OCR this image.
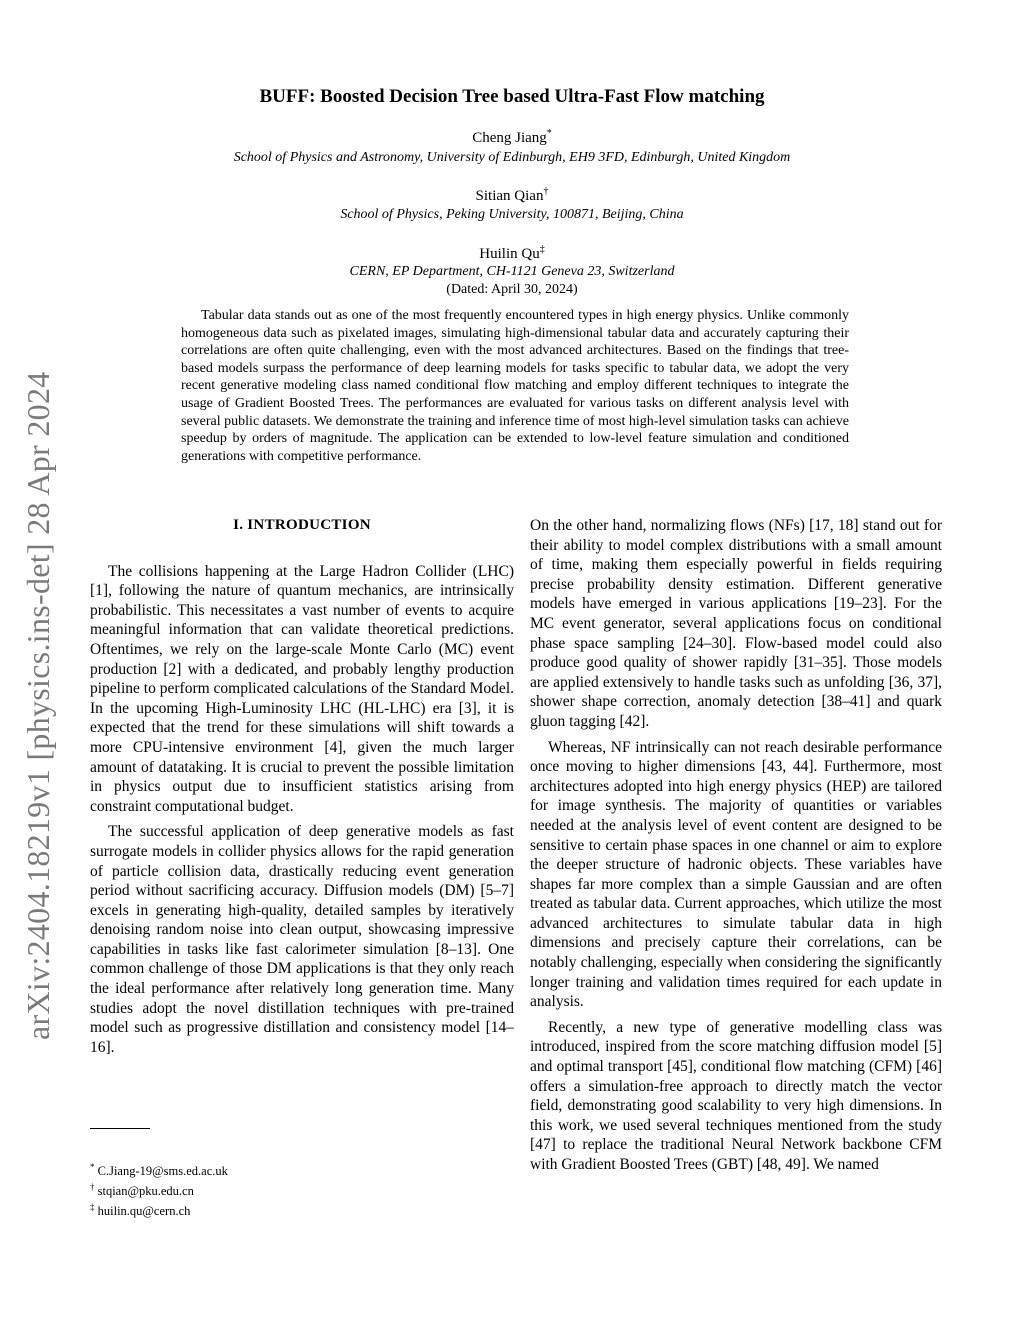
arXiv:2404.18219v1 [physics.ins-det] 28 Apr 2024
BUFF: Boosted Decision Tree based Ultra-Fast Flow matching
Cheng Jiang*
School of Physics and Astronomy, University of Edinburgh, EH9 3FD, Edinburgh, United Kingdom
Sitian Qian†
School of Physics, Peking University, 100871, Beijing, China
Huilin Qu‡
CERN, EP Department, CH-1121 Geneva 23, Switzerland
(Dated: April 30, 2024)

Tabular data stands out as one of the most frequently encountered types in high energy physics. Unlike commonly homogeneous data such as pixelated images, simulating high-dimensional tabular data and accurately capturing their correlations are often quite challenging, even with the most advanced architectures. Based on the findings that tree-based models surpass the performance of deep learning models for tasks specific to tabular data, we adopt the very recent generative modeling class named conditional flow matching and employ different techniques to integrate the usage of Gradient Boosted Trees. The performances are evaluated for various tasks on different analysis level with several public datasets. We demonstrate the training and inference time of most high-level simulation tasks can achieve speedup by orders of magnitude. The application can be extended to low-level feature simulation and conditioned generations with competitive performance.

I. INTRODUCTION

The collisions happening at the Large Hadron Collider (LHC) [1], following the nature of quantum mechanics, are intrinsically probabilistic. This necessitates a vast number of events to acquire meaningful information that can validate theoretical predictions. Oftentimes, we rely on the large-scale Monte Carlo (MC) event production [2] with a dedicated, and probably lengthy production pipeline to perform complicated calculations of the Standard Model. In the upcoming High-Luminosity LHC (HL-LHC) era [3], it is expected that the trend for these simulations will shift towards a more CPU-intensive environment [4], given the much larger amount of datataking. It is crucial to prevent the possible limitation in physics output due to insufficient statistics arising from constraint computational budget.

The successful application of deep generative models as fast surrogate models in collider physics allows for the rapid generation of particle collision data, drastically reducing event generation period without sacrificing accuracy. Diffusion models (DM) [5–7] excels in generating high-quality, detailed samples by iteratively denoising random noise into clean output, showcasing impressive capabilities in tasks like fast calorimeter simulation [8–13]. One common challenge of those DM applications is that they only reach the ideal performance after relatively long generation time. Many studies adopt the novel distillation techniques with pre-trained model such as progressive distillation and consistency model [14–16].

On the other hand, normalizing flows (NFs) [17, 18] stand out for their ability to model complex distributions with a small amount of time, making them especially powerful in fields requiring precise probability density estimation. Different generative models have emerged in various applications [19–23]. For the MC event generator, several applications focus on conditional phase space sampling [24–30]. Flow-based model could also produce good quality of shower rapidly [31–35]. Those models are applied extensively to handle tasks such as unfolding [36, 37], shower shape correction, anomaly detection [38–41] and quark gluon tagging [42].

Whereas, NF intrinsically can not reach desirable performance once moving to higher dimensions [43, 44]. Furthermore, most architectures adopted into high energy physics (HEP) are tailored for image synthesis. The majority of quantities or variables needed at the analysis level of event content are designed to be sensitive to certain phase spaces in one channel or aim to explore the deeper structure of hadronic objects. These variables have shapes far more complex than a simple Gaussian and are often treated as tabular data. Current approaches, which utilize the most advanced architectures to simulate tabular data in high dimensions and precisely capture their correlations, can be notably challenging, especially when considering the significantly longer training and validation times required for each update in analysis.

Recently, a new type of generative modelling class was introduced, inspired from the score matching diffusion model [5] and optimal transport [45], conditional flow matching (CFM) [46] offers a simulation-free approach to directly match the vector field, demonstrating good scalability to very high dimensions. In this work, we used several techniques mentioned from the study [47] to replace the traditional Neural Network backbone CFM with Gradient Boosted Trees (GBT) [48, 49]. We named

* C.Jiang-19@sms.ed.ac.uk
† stqian@pku.edu.cn
‡ huilin.qu@cern.ch
